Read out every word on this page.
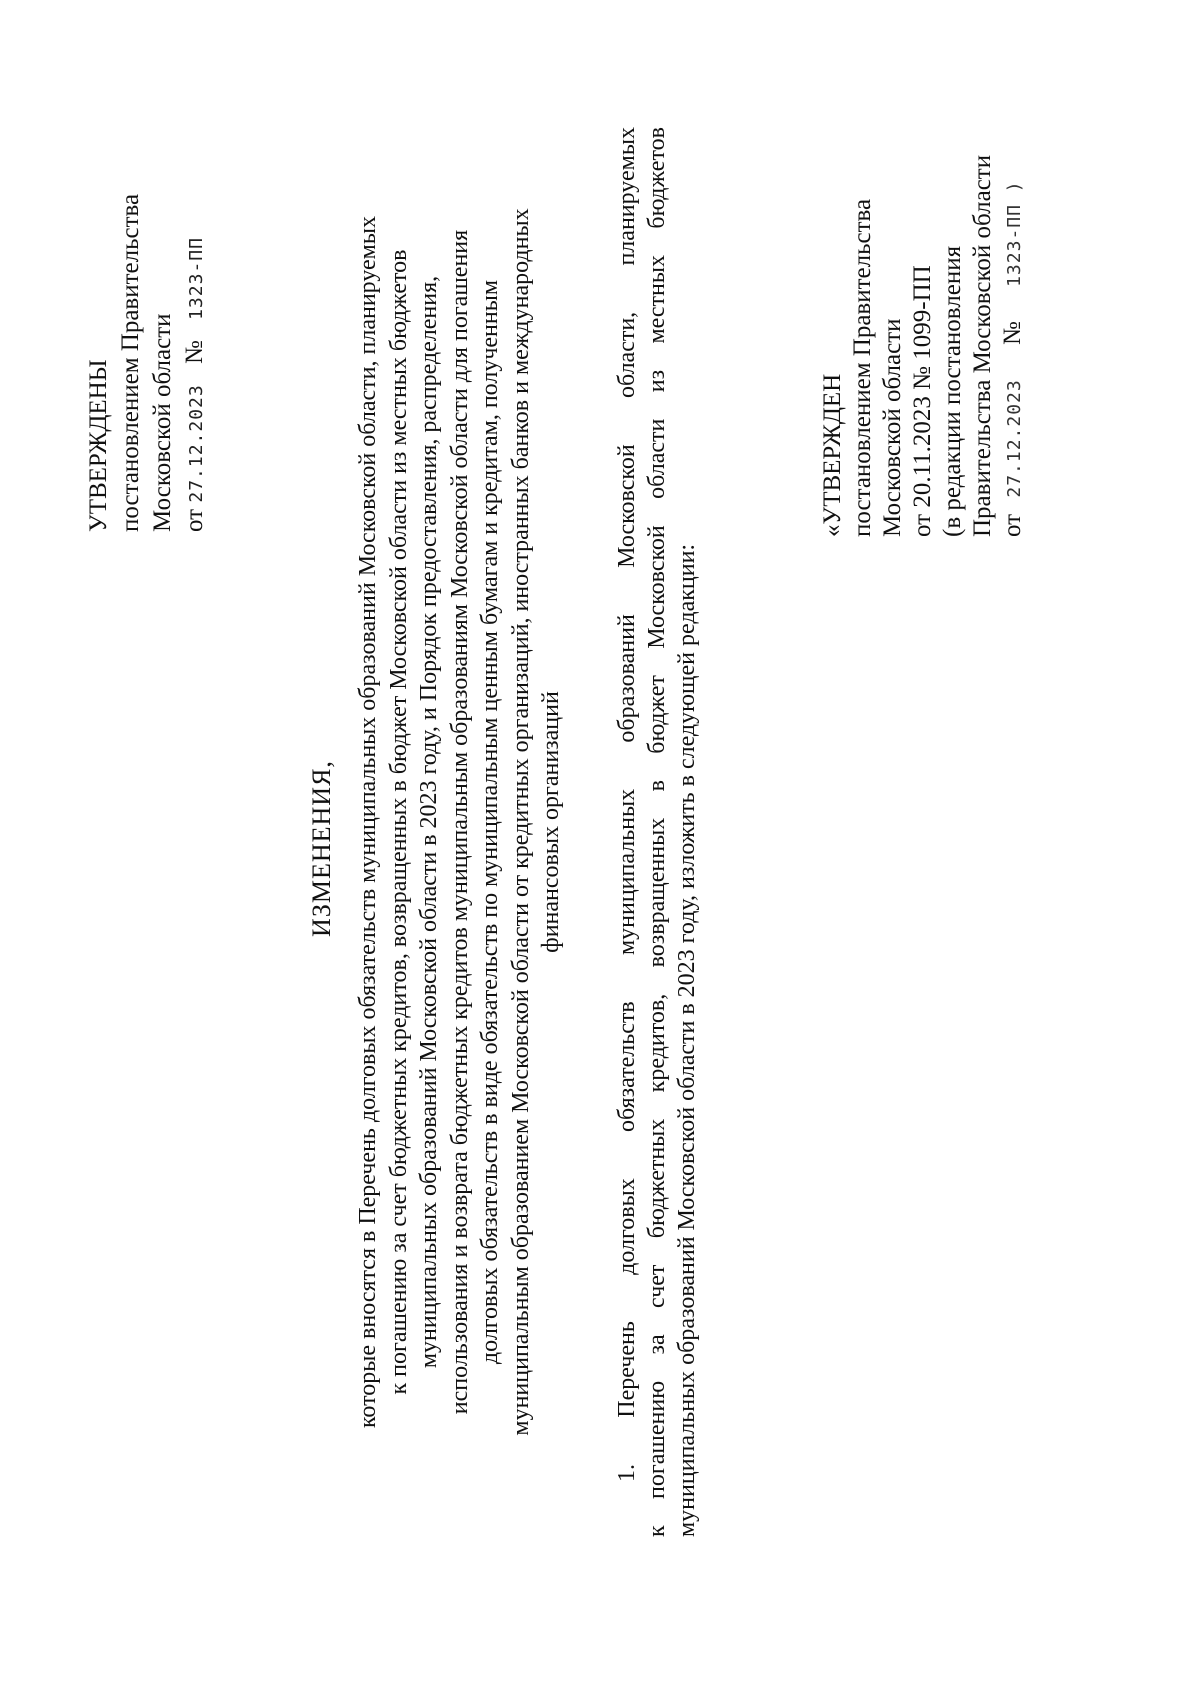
УТВЕРЖДЕНЫ постановлением Правительства Московской области от 27.12.2023 № 1323-ПП
ИЗМЕНЕНИЯ, которые вносятся в Перечень долговых обязательств муниципальных образований Московской области, планируемых к погашению за счет бюджетных кредитов, возвращенных в бюджет Московской области из местных бюджетов муниципальных образований Московской области в 2023 году, и Порядок предоставления, распределения, использования и возврата бюджетных кредитов муниципальным образованиям Московской области для погашения долговых обязательств в виде обязательств по муниципальным ценным бумагам и кредитам, полученным муниципальным образованием Московской области от кредитных организаций, иностранных банков и международных финансовых организаций
1.
Перечень
долговых
обязательств
муниципальных
образований
Московской
области,
планируемых
к
погашению
за
счет
бюджетных
кредитов,
возвращенных
в
бюджет
Московской
области
из
местных
бюджетов
муниципальных образований Московской области в 2023 году, изложить в следующей редакции:
«УТВЕРЖДЕН постановлением Правительства Московской области от 20.11.2023 № 1099-ПП (в редакции постановления Правительства Московской области от 27.12.2023 № 1323-ПП )
